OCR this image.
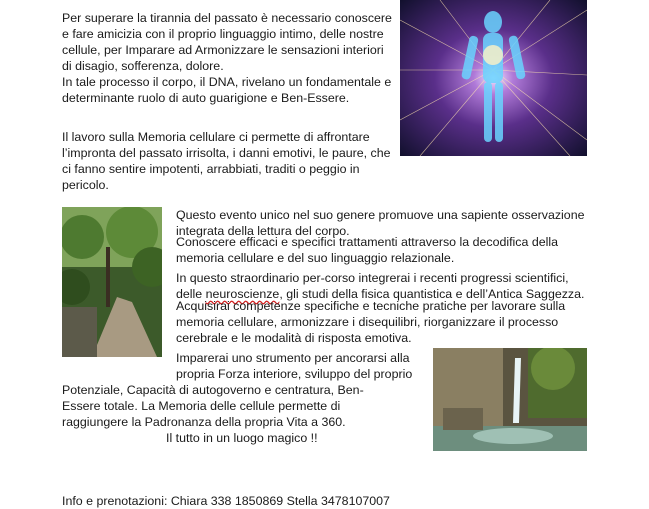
Per superare la tirannia del passato è necessario conoscere e fare amicizia con il proprio linguaggio intimo, delle nostre cellule, per Imparare ad Armonizzare le sensazioni interiori di disagio, sofferenza, dolore.

In tale processo il corpo, il DNA, rivelano un fondamentale e determinante ruolo di auto guarigione e Ben-Essere.

Il lavoro sulla Memoria cellulare ci permette di affrontare l’impronta del passato irrisolta, i danni emotivi, le paure, che ci fanno sentire impotenti, arrabbiati, traditi o peggio in pericolo.

Questo evento unico nel suo genere promuove una sapiente osservazione integrata della lettura del corpo.

Conoscere efficaci e specifici trattamenti attraverso la decodifica della memoria cellulare e del suo linguaggio relazionale.

In questo straordinario per-corso integrerai i recenti progressi scientifici, delle neuroscienze, gli studi della fisica quantistica e dell’Antica Saggezza.

Acquisirai competenze specifiche e tecniche pratiche per lavorare sulla memoria cellulare, armonizzare i disequilibri, riorganizzare il processo cerebrale e le modalità di risposta emotiva.

Imparerai uno strumento per ancorarsi alla

propria Forza interiore, sviluppo del proprio

Potenziale, Capacità di autogoverno e centratura, Ben-Essere totale. La Memoria delle cellule permette di raggiungere la Padronanza della propria Vita a 360.

Il tutto in un luogo magico !!

Info e prenotazioni: Chiara 338 1850869 Stella 3478107007
